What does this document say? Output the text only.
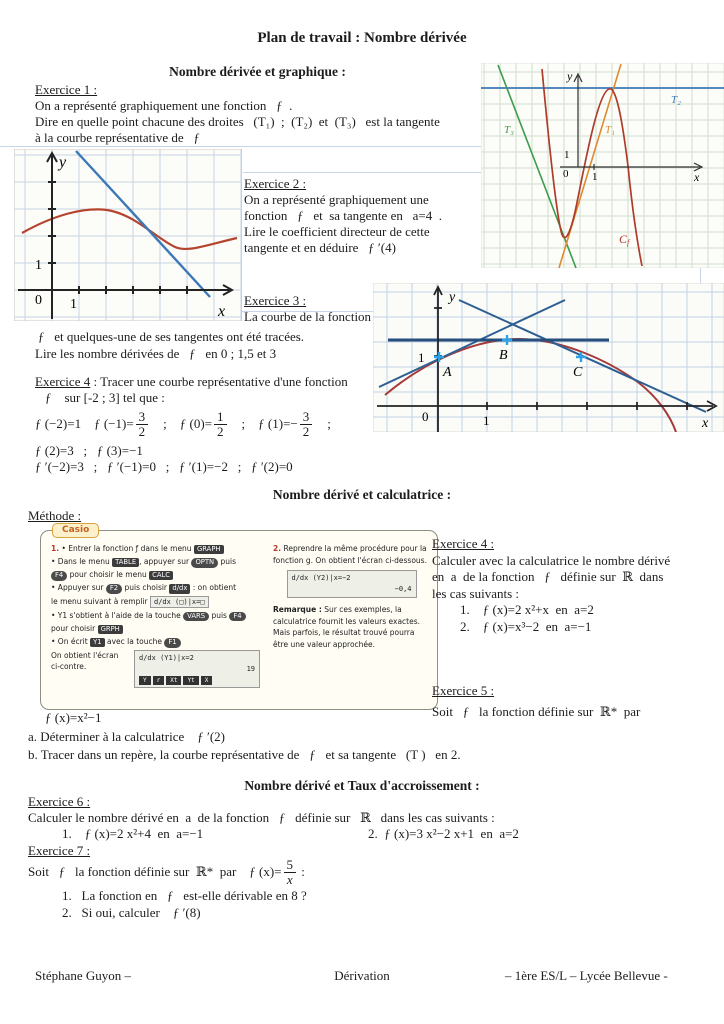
Plan de travail : Nombre dérivée
Nombre dérivée et graphique :
Exercice 1 :
On a représenté graphiquement une fonction   ƒ  .
Dire en quelle point chacune des droites   (T₁)  ;  (T₂)  et  (T₃)   est la tangente
à la courbe représentative de   ƒ
y
x
1
0 1
T₂
T₃	T₁
Cf
y
x
1
0 1
Exercice 2 :
On a représenté graphiquement une
fonction   ƒ   et  sa tangente en   a=4  .
Lire le coefficient directeur de cette
tangente et en déduire   ƒ ′(4)
Exercice 3 :
La courbe de la fonction
ƒ   et quelques-une de ses tangentes ont été tracées.
Lire les nombre dérivées de   ƒ   en 0 ; 1,5 et 3
y
x
0	1
1
A
B
C
Exercice 4 : Tracer une courbe représentative d'une fonction
ƒ    sur [-2 ; 3] tel que :
ƒ (−2)=1 ƒ $(-1)= \frac{3}{2}$ ; ƒ $(0)= \frac{1}{2}$ ; ƒ $(1)=- \frac{3}{2}$ ;
ƒ (2)=3   ;   ƒ (3)=−1
ƒ ′(−2)=3   ;   ƒ ′(−1)=0   ;   ƒ ′(1)=−2   ;   ƒ ′(2)=0
Nombre dérivé et calculatrice :
Méthode :
Casio
1. • Entrer la fonction ƒ dans le menu GRAPH
• Dans le menu TABLE , appuyer sur OPTN puis
F4 pour choisir le menu CALC
• Appuyer sur F2 puis choisir d/dx : on obtient
le menu suivant à remplir d/dx (□)|x=□
• Y1 s'obtient à l'aide de la touche VARS puis F4
pour choisir GRPH
• On écrit Y1 avec la touche F1
On obtient l'écran
ci-contre.
d/dx (Y1)|x=2
19
Y	r	Xt	Yt	X
2. Reprendre la même procédure pour la fonction g. On obtient l'écran ci-dessous.
d/dx (Y2)|x=−2
−0,4
Remarque : Sur ces exemples, la calculatrice fournit les valeurs exactes. Mais parfois, le résultat trouvé pourra être une valeur approchée.
Exercice 4 :
Calculer avec la calculatrice le nombre dérivé
en  a  de la fonction   ƒ   définie sur  ℝ  dans
les cas suivants :
1. ƒ (x)=2 x²+x  en  a=2
2. ƒ (x)=x³−2  en  a=−1
Exercice 5 :
Soit   ƒ   la fonction définie sur  ℝ*  par
ƒ (x)=x²−1
a. Déterminer à la calculatrice    ƒ ′(2)
b. Tracer dans un repère, la courbe représentative de   ƒ   et sa tangente   (T )   en 2.
Nombre dérivé et Taux d'accroissement :
Exercice 6 :
Calculer le nombre dérivé en  a  de la fonction   ƒ   définie sur   ℝ   dans les cas suivants :
1.    ƒ (x)=2 x²+4  en  a=−1	2.  ƒ (x)=3 x²−2 x+1  en  a=2
Exercice 7 :
Soit   ƒ   la fonction définie sur  ℝ*  par    ƒ $(x)= \frac{5}{x}$ :
1.   La fonction en   ƒ   est-elle dérivable en 8 ?
2.   Si oui, calculer    ƒ ′(8)
Dérivation
Stéphane Guyon –	– 1ère ES/L – Lycée Bellevue -
